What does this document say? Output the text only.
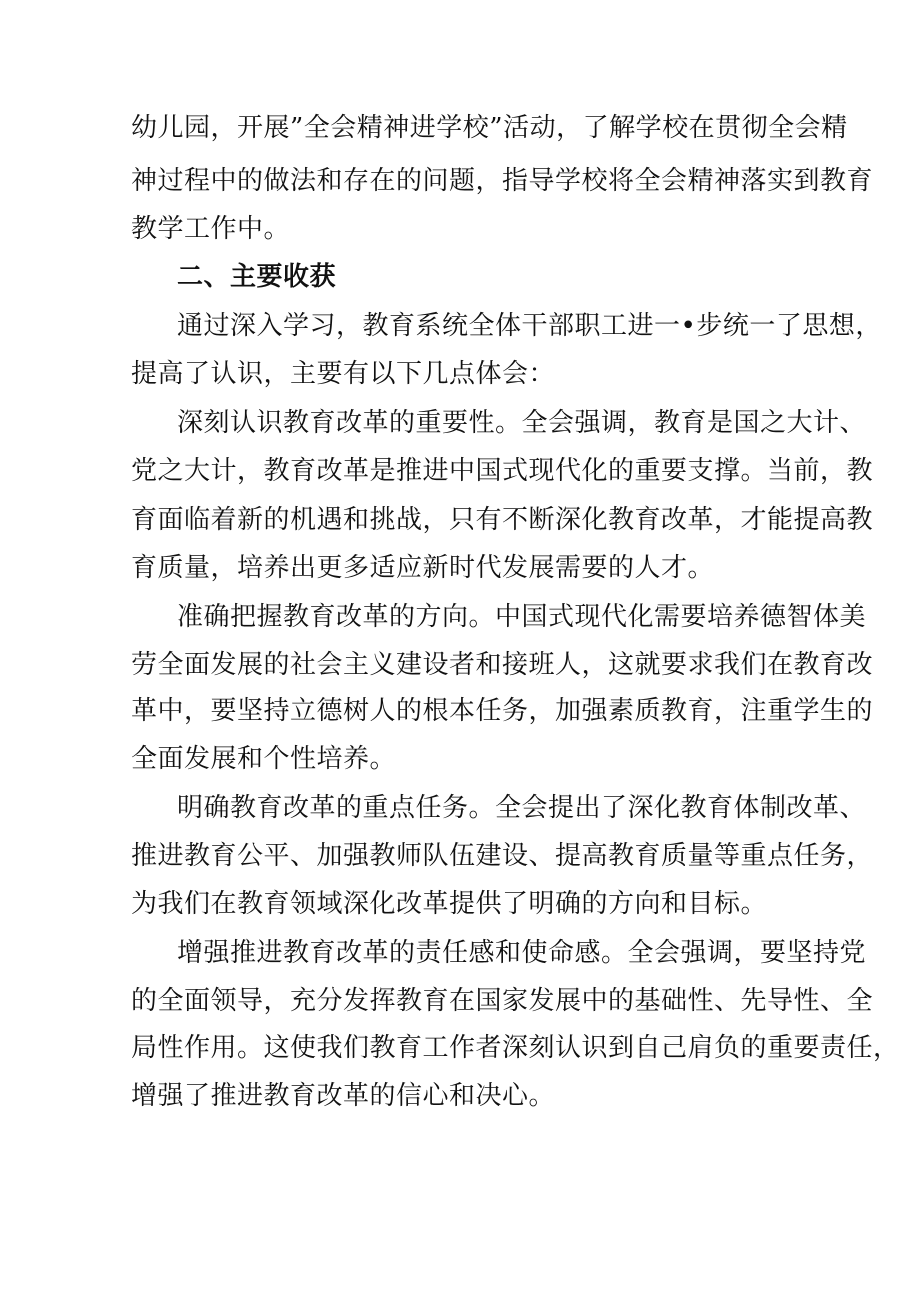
幼儿园，开展”全会精神进学校”活动，了解学校在贯彻全会精
神过程中的做法和存在的问题，指导学校将全会精神落实到教育
教学工作中。
二、主要收获
通过深入学习，教育系统全体干部职工进一•步统一了思想，
提高了认识，主要有以下几点体会：
深刻认识教育改革的重要性。全会强调，教育是国之大计、
党之大计，教育改革是推进中国式现代化的重要支撑。当前，教
育面临着新的机遇和挑战，只有不断深化教育改革，才能提高教
育质量，培养出更多适应新时代发展需要的人才。
准确把握教育改革的方向。中国式现代化需要培养德智体美
劳全面发展的社会主义建设者和接班人，这就要求我们在教育改
革中，要坚持立德树人的根本任务，加强素质教育，注重学生的
全面发展和个性培养。
明确教育改革的重点任务。全会提出了深化教育体制改革、
推进教育公平、加强教师队伍建设、提高教育质量等重点任务，
为我们在教育领域深化改革提供了明确的方向和目标。
增强推进教育改革的责任感和使命感。全会强调，要坚持党
的全面领导，充分发挥教育在国家发展中的基础性、先导性、全
局性作用。这使我们教育工作者深刻认识到自己肩负的重要责任，
增强了推进教育改革的信心和决心。
